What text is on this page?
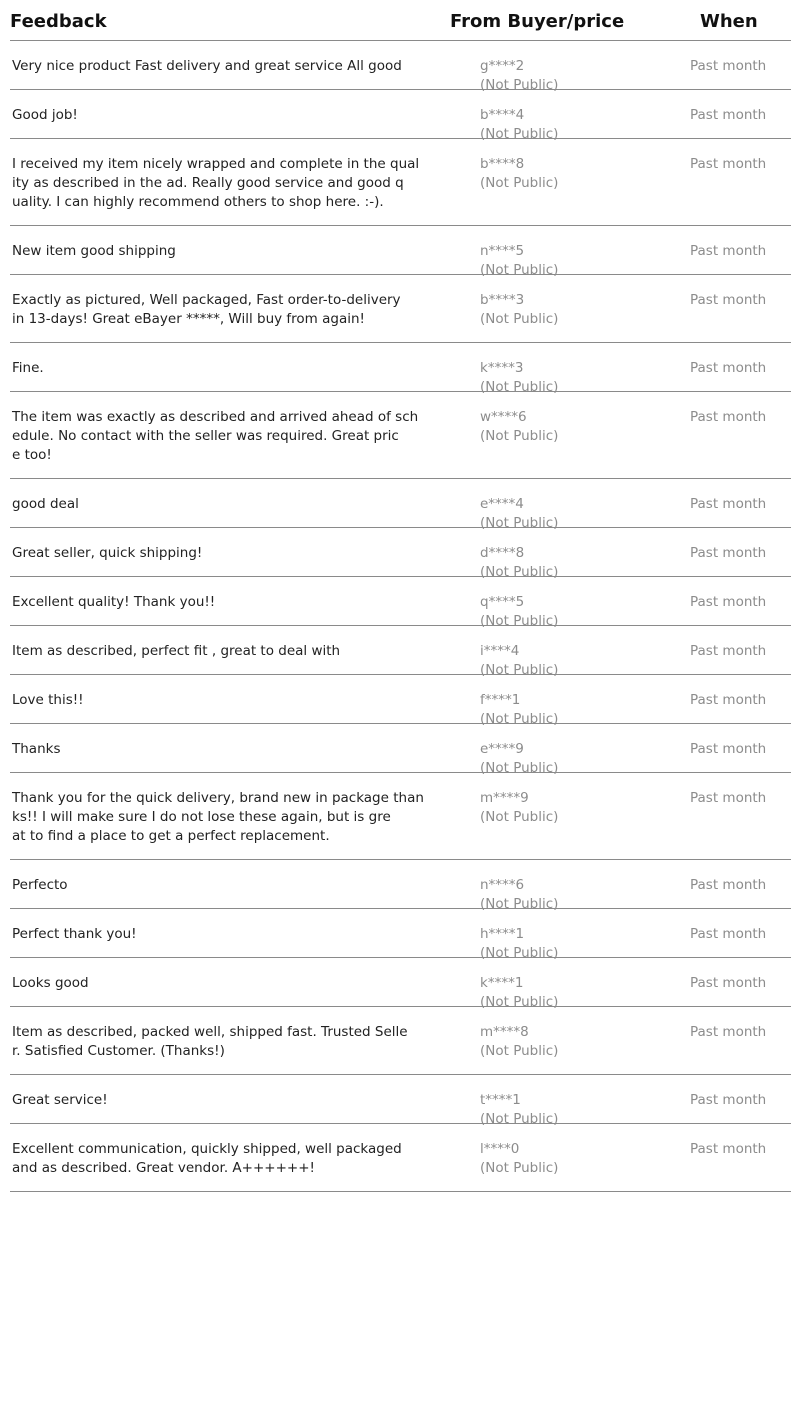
Feedback	From Buyer/price	When
Very nice product Fast delivery and great service All good	g****2
(Not Public)
Past month
Good job!	b****4
(Not Public)
Past month
I received my item nicely wrapped and complete in the qual
ity as described in the ad. Really good service and good q
uality. I can highly recommend others to shop here. :-).
b****8
(Not Public)
Past month
New item good shipping	n****5
(Not Public)
Past month
Exactly as pictured, Well packaged, Fast order-to-delivery
in 13-days! Great eBayer *****, Will buy from again!
b****3
(Not Public)
Past month
Fine.	k****3
(Not Public)
Past month
The item was exactly as described and arrived ahead of sch
edule. No contact with the seller was required. Great pric
e too!
w****6
(Not Public)
Past month
good deal	e****4
(Not Public)
Past month
Great seller, quick shipping!	d****8
(Not Public)
Past month
Excellent quality! Thank you!!	q****5
(Not Public)
Past month
Item as described, perfect fit , great to deal with	i****4
(Not Public)
Past month
Love this!!	f****1
(Not Public)
Past month
Thanks	e****9
(Not Public)
Past month
Thank you for the quick delivery, brand new in package than
ks!! I will make sure I do not lose these again, but is gre
at to find a place to get a perfect replacement.
m****9
(Not Public)
Past month
Perfecto	n****6
(Not Public)
Past month
Perfect thank you!	h****1
(Not Public)
Past month
Looks good	k****1
(Not Public)
Past month
Item as described, packed well, shipped fast. Trusted Selle
r. Satisfied Customer. (Thanks!)
m****8
(Not Public)
Past month
Great service!	t****1
(Not Public)
Past month
Excellent communication, quickly shipped, well packaged
and as described. Great vendor. A++++++!
l****0
(Not Public)
Past month
